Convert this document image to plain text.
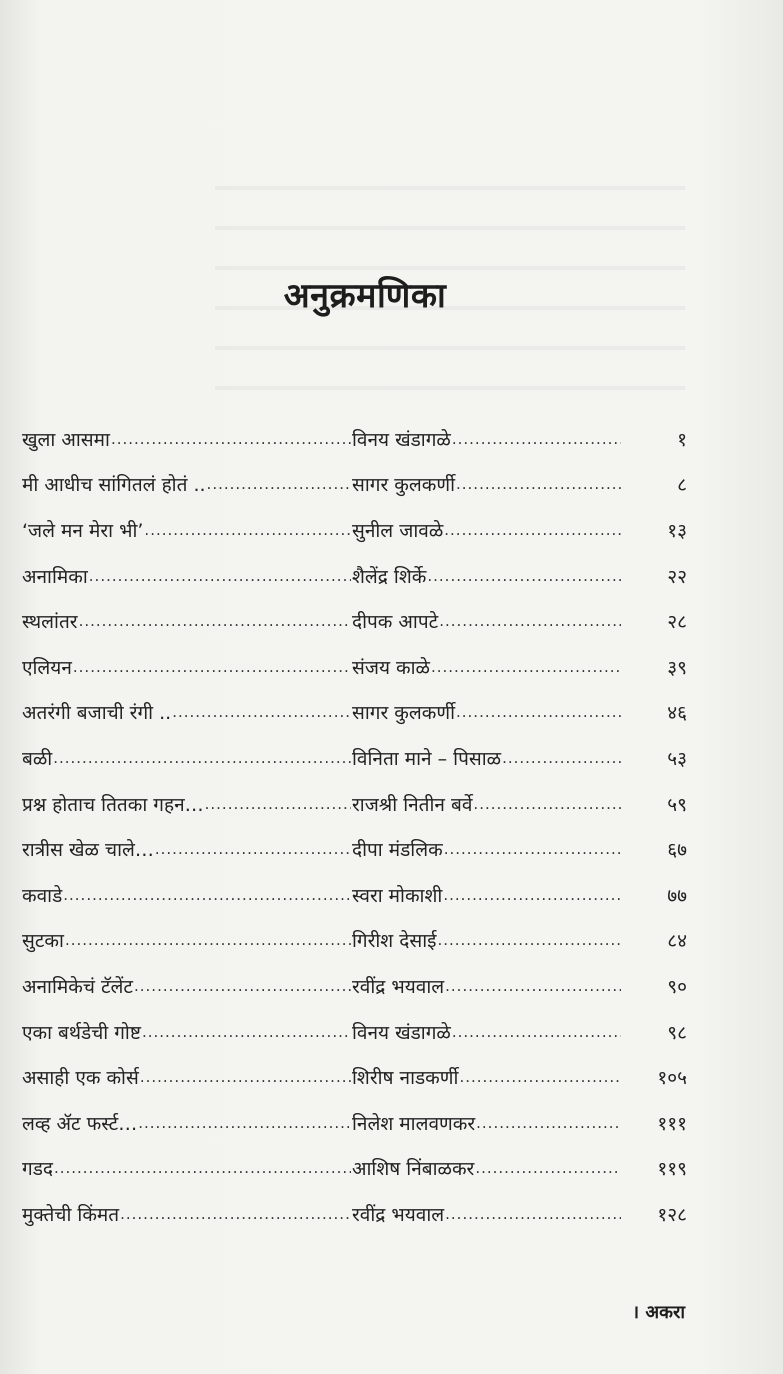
अनुक्रमणिका
खुला आसमा .....	विनय खंडागळे .....	१
मी आधीच सांगितलं होतं .. .....	सागर कुलकर्णी .....	८
‘जले मन मेरा भी’ .....	सुनील जावळे .....	१३
अनामिका .....	शैलेंद्र शिर्के .....	२२
स्थलांतर .....	दीपक आपटे .....	२८
एलियन .....	संजय काळे .....	३९
अतरंगी बजाची रंगी .. .....	सागर कुलकर्णी .....	४६
बळी .....	विनिता माने – पिसाळ .....	५३
प्रश्न होताच तितका गहन… .....	राजश्री नितीन बर्वे .....	५९
रात्रीस खेळ चाले… .....	दीपा मंडलिक .....	६७
कवाडे .....	स्वरा मोकाशी .....	७७
सुटका .....	गिरीश देसाई .....	८४
अनामिकेचं टॅलेंट .....	रवींद्र भयवाल .....	९०
एका बर्थडेची गोष्ट .....	विनय खंडागळे .....	९८
असाही एक कोर्स .....	शिरीष नाडकर्णी .....	१०५
लव्ह ॲट फर्स्ट… .....	निलेश मालवणकर .....	१११
गडद .....	आशिष निंबाळकर .....	११९
मुक्तेची किंमत .....	रवींद्र भयवाल .....	१२८
। अकरा
